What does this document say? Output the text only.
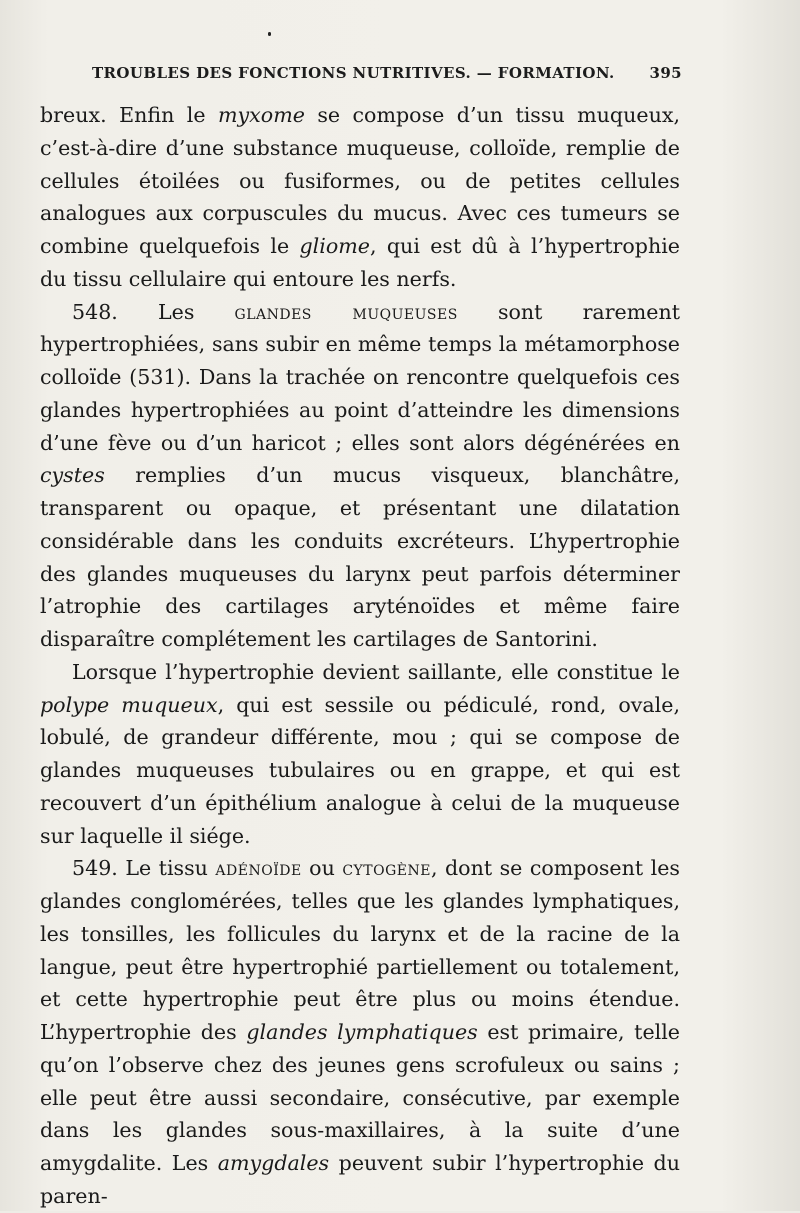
TROUBLES DES FONCTIONS NUTRITIVES. — FORMATION. 395

breux. Enfin le myxome se compose d’un tissu muqueux, c’est-à-dire d’une substance muqueuse, colloïde, remplie de cellules étoilées ou fusiformes, ou de petites cellules analogues aux corpuscules du mucus. Avec ces tumeurs se combine quelquefois le gliome, qui est dû à l’hypertrophie du tissu cellulaire qui entoure les nerfs.

548. Les glandes muqueuses sont rarement hypertrophiées, sans subir en même temps la métamorphose colloïde (531). Dans la trachée on rencontre quelquefois ces glandes hypertrophiées au point d’atteindre les dimensions d’une fève ou d’un haricot ; elles sont alors dégénérées en cystes remplies d’un mucus visqueux, blanchâtre, transparent ou opaque, et présentant une dilatation considérable dans les conduits excréteurs. L’hypertrophie des glandes muqueuses du larynx peut parfois déterminer l’atrophie des cartilages aryténoïdes et même faire disparaître complétement les cartilages de Santorini.

Lorsque l’hypertrophie devient saillante, elle constitue le polype muqueux, qui est sessile ou pédiculé, rond, ovale, lobulé, de grandeur différente, mou ; qui se compose de glandes muqueuses tubulaires ou en grappe, et qui est recouvert d’un épithélium analogue à celui de la muqueuse sur laquelle il siége.

549. Le tissu adénoïde ou cytogène, dont se composent les glandes conglomérées, telles que les glandes lymphatiques, les tonsilles, les follicules du larynx et de la racine de la langue, peut être hypertrophié partiellement ou totalement, et cette hypertrophie peut être plus ou moins étendue. L’hypertrophie des glandes lymphatiques est primaire, telle qu’on l’observe chez des jeunes gens scrofuleux ou sains ; elle peut être aussi secondaire, consécutive, par exemple dans les glandes sous-maxillaires, à la suite d’une amygdalite. Les amygdales peuvent subir l’hypertrophie du paren-
